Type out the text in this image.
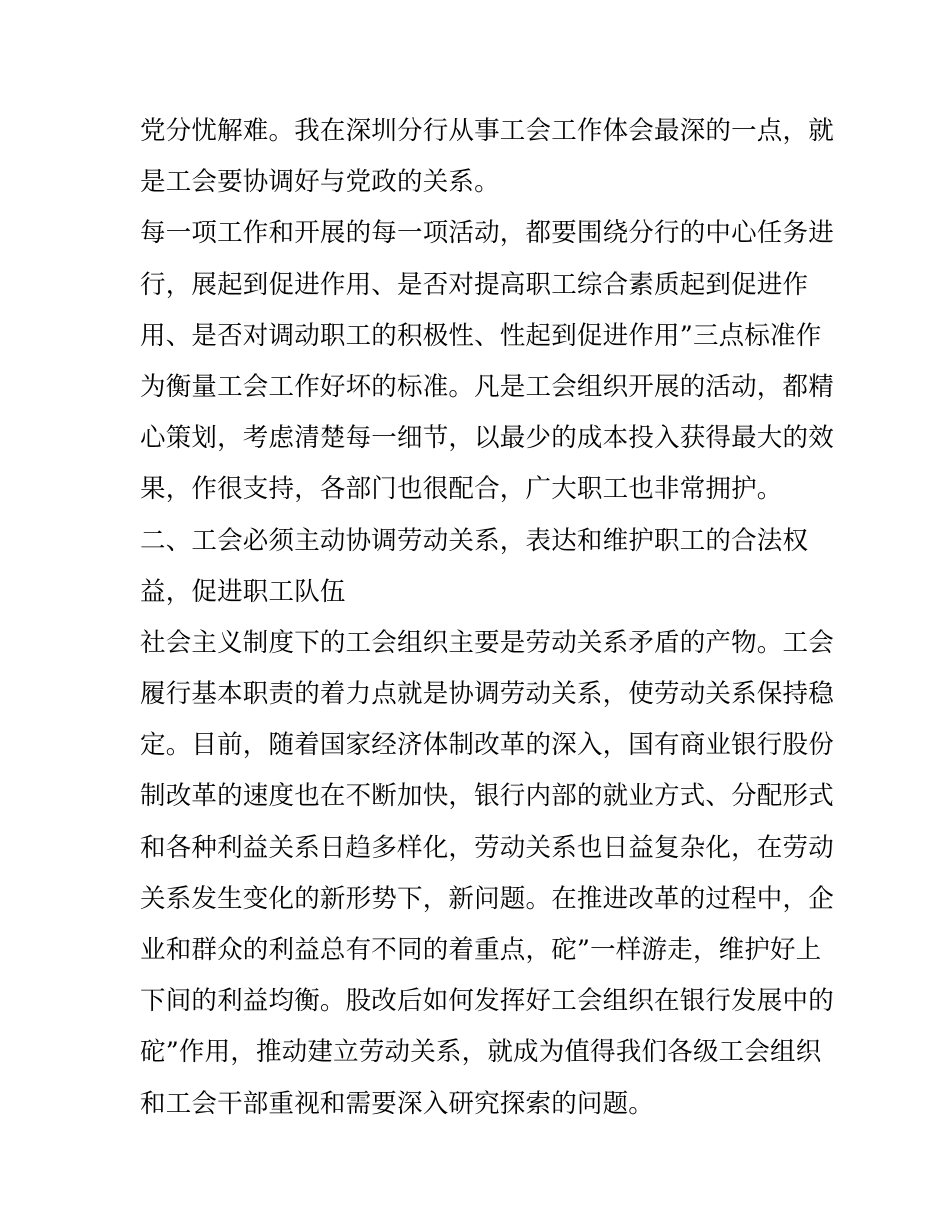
党分忧解难。我在深圳分行从事工会工作体会最深的一点，就
是工会要协调好与党政的关系。
每一项工作和开展的每一项活动，都要围绕分行的中心任务进
行，展起到促进作用、是否对提高职工综合素质起到促进作
用、是否对调动职工的积极性、性起到促进作用”三点标准作
为衡量工会工作好坏的标准。凡是工会组织开展的活动，都精
心策划，考虑清楚每一细节，以最少的成本投入获得最大的效
果，作很支持，各部门也很配合，广大职工也非常拥护。
二、工会必须主动协调劳动关系，表达和维护职工的合法权
益，促进职工队伍
社会主义制度下的工会组织主要是劳动关系矛盾的产物。工会
履行基本职责的着力点就是协调劳动关系，使劳动关系保持稳
定。目前，随着国家经济体制改革的深入，国有商业银行股份
制改革的速度也在不断加快，银行内部的就业方式、分配形式
和各种利益关系日趋多样化，劳动关系也日益复杂化，在劳动
关系发生变化的新形势下，新问题。在推进改革的过程中，企
业和群众的利益总有不同的着重点，砣”一样游走，维护好上
下间的利益均衡。股改后如何发挥好工会组织在银行发展中的
砣”作用，推动建立劳动关系，就成为值得我们各级工会组织
和工会干部重视和需要深入研究探索的问题。
